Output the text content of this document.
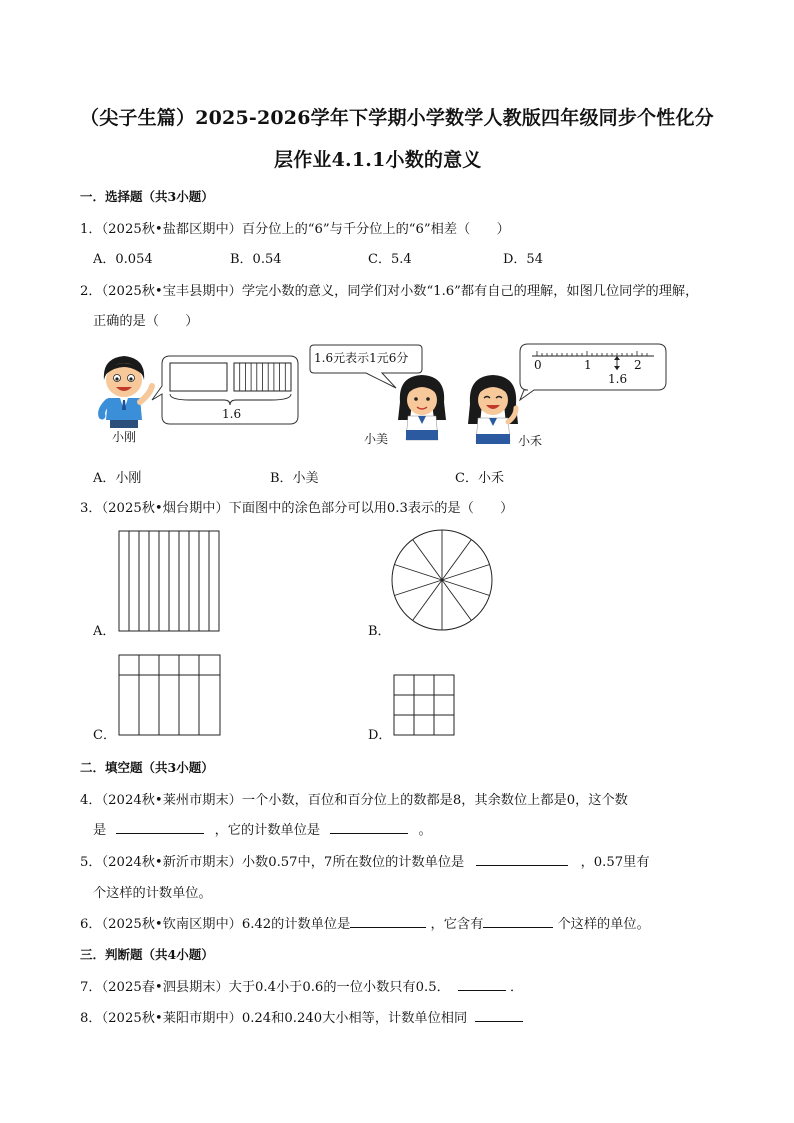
（尖子生篇）2025-2026学年下学期小学数学人教版四年级同步个性化分
层作业4.1.1小数的意义
一．选择题（共3小题）
1．（2025秋•盐都区期中）百分位上的“6”与千分位上的“6”相差（　　）
A．0.054	B．0.54	C．5.4	D．54
2．（2025秋•宝丰县期中）学完小数的意义，同学们对小数“1.6”都有自己的理解，如图几位同学的理解，
正确的是（　　）
小刚
1.6
1.6元表示1元6分
小美	小禾
0	1	2
1.6
A．小刚	B．小美	C．小禾
3．（2025秋•烟台期中）下面图中的涂色部分可以用0.3表示的是（　　）
A．	B．
C．	D．
二．填空题（共3小题）
4．（2024秋•莱州市期末）一个小数，百位和百分位上的数都是8，其余数位上都是0，这个数
是	，它的计数单位是	。
5．（2024秋•新沂市期末）小数0.57中，7所在数位的计数单位是	，0.57里有
个这样的计数单位。
6．（2025秋•钦南区期中）6.42的计数单位是	，它含有	个这样的单位。
三．判断题（共4小题）
7．（2025春•泗县期末）大于0.4小于0.6的一位小数只有0.5．	．
8．（2025秋•莱阳市期中）0.24和0.240大小相等，计数单位相同
